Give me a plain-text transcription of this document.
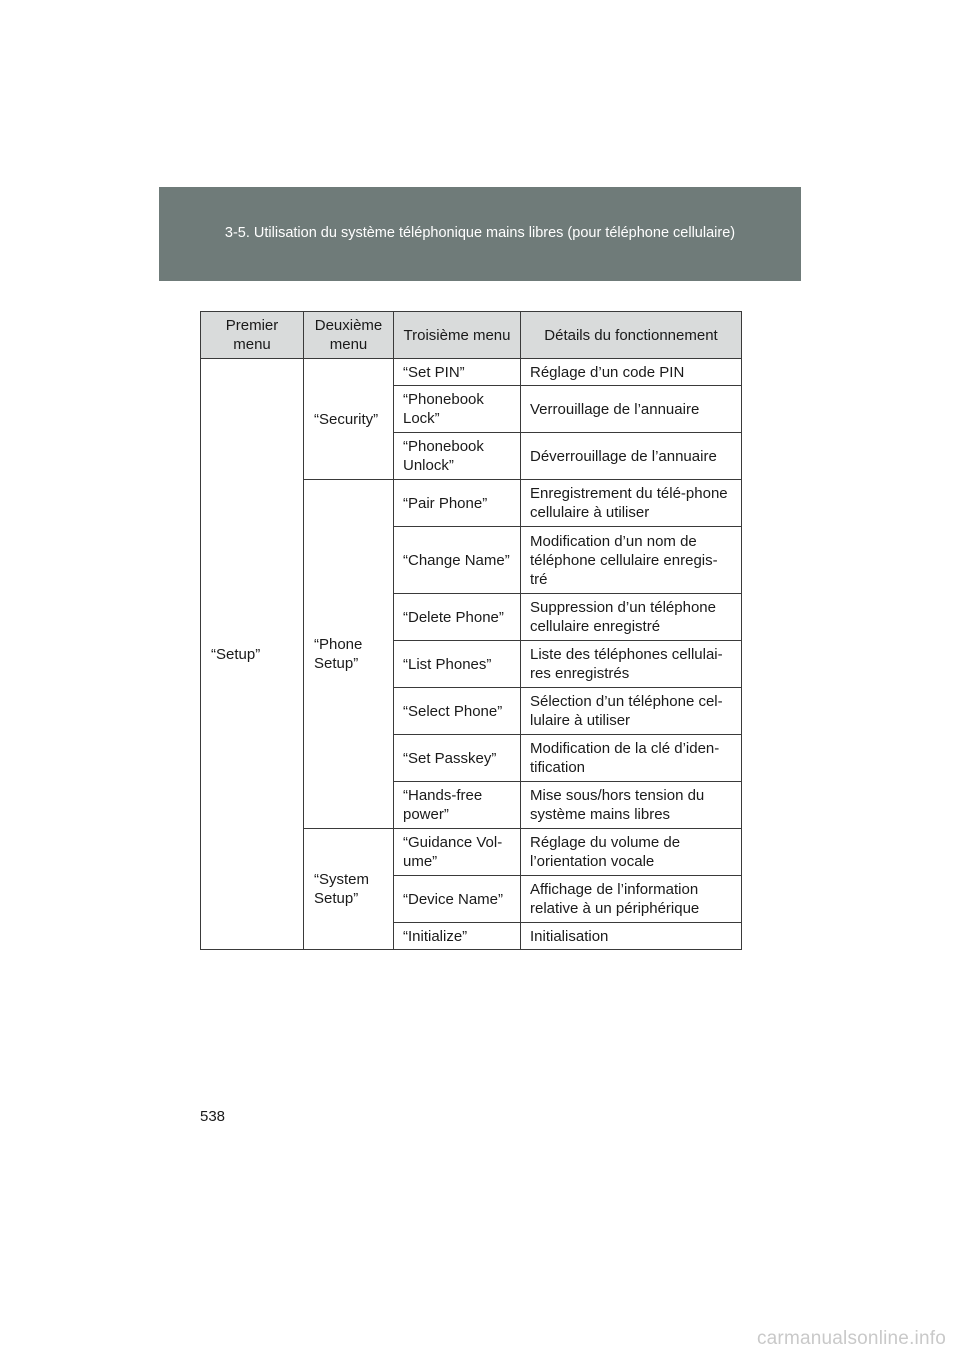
3-5. Utilisation du système téléphonique mains libres (pour téléphone cellulaire)
Premier menu	Deuxième menu	Troisième menu	Détails du fonctionnement
“Setup”	“Security”	“Set PIN”	Réglage d’un code PIN
		“Phonebook Lock”	Verrouillage de l’annuaire
		“Phonebook Unlock”	Déverrouillage de l’annuaire
	“Phone Setup”	“Pair Phone”	Enregistrement du télé-phone cellulaire à utiliser
		“Change Name”	Modification d’un nom de téléphone cellulaire enregis-tré
		“Delete Phone”	Suppression d’un téléphone cellulaire enregistré
		“List Phones”	Liste des téléphones cellulai-res enregistrés
		“Select Phone”	Sélection d’un téléphone cel-lulaire à utiliser
		“Set Passkey”	Modification de la clé d’iden-tification
		“Hands-free power”	Mise sous/hors tension du système mains libres
	“System Setup”	“Guidance Vol-ume”	Réglage du volume de l’orientation vocale
		“Device Name”	Affichage de l’information relative à un périphérique
		“Initialize”	Initialisation
538
carmanualsonline.info
